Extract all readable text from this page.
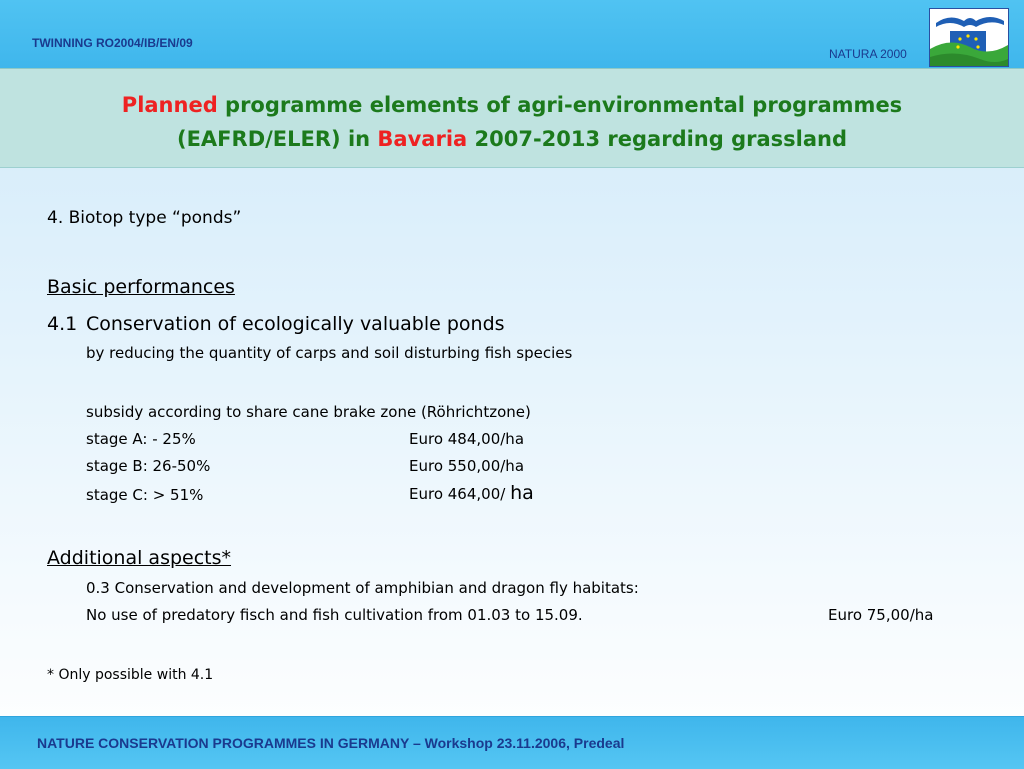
TWINNING RO2004/IB/EN/09
NATURA 2000
Planned programme elements of agri-environmental programmes
(EAFRD/ELER) in Bavaria 2007-2013 regarding grassland
4. Biotop type “ponds”
Basic performances
4.1 Conservation of ecologically valuable ponds
by reducing the quantity of carps and soil disturbing fish species
subsidy according to share cane brake zone (Röhrichtzone)
stage A: - 25%	Euro 484,00/ha
stage B: 26-50%	Euro 550,00/ha
stage C: > 51%	Euro 464,00/ ha
Additional aspects*
0.3 Conservation and development of amphibian and dragon fly habitats:
No use of predatory fisch and fish cultivation from 01.03 to 15.09.	Euro 75,00/ha
* Only possible with 4.1
NATURE CONSERVATION PROGRAMMES IN GERMANY – Workshop 23.11.2006, Predeal
